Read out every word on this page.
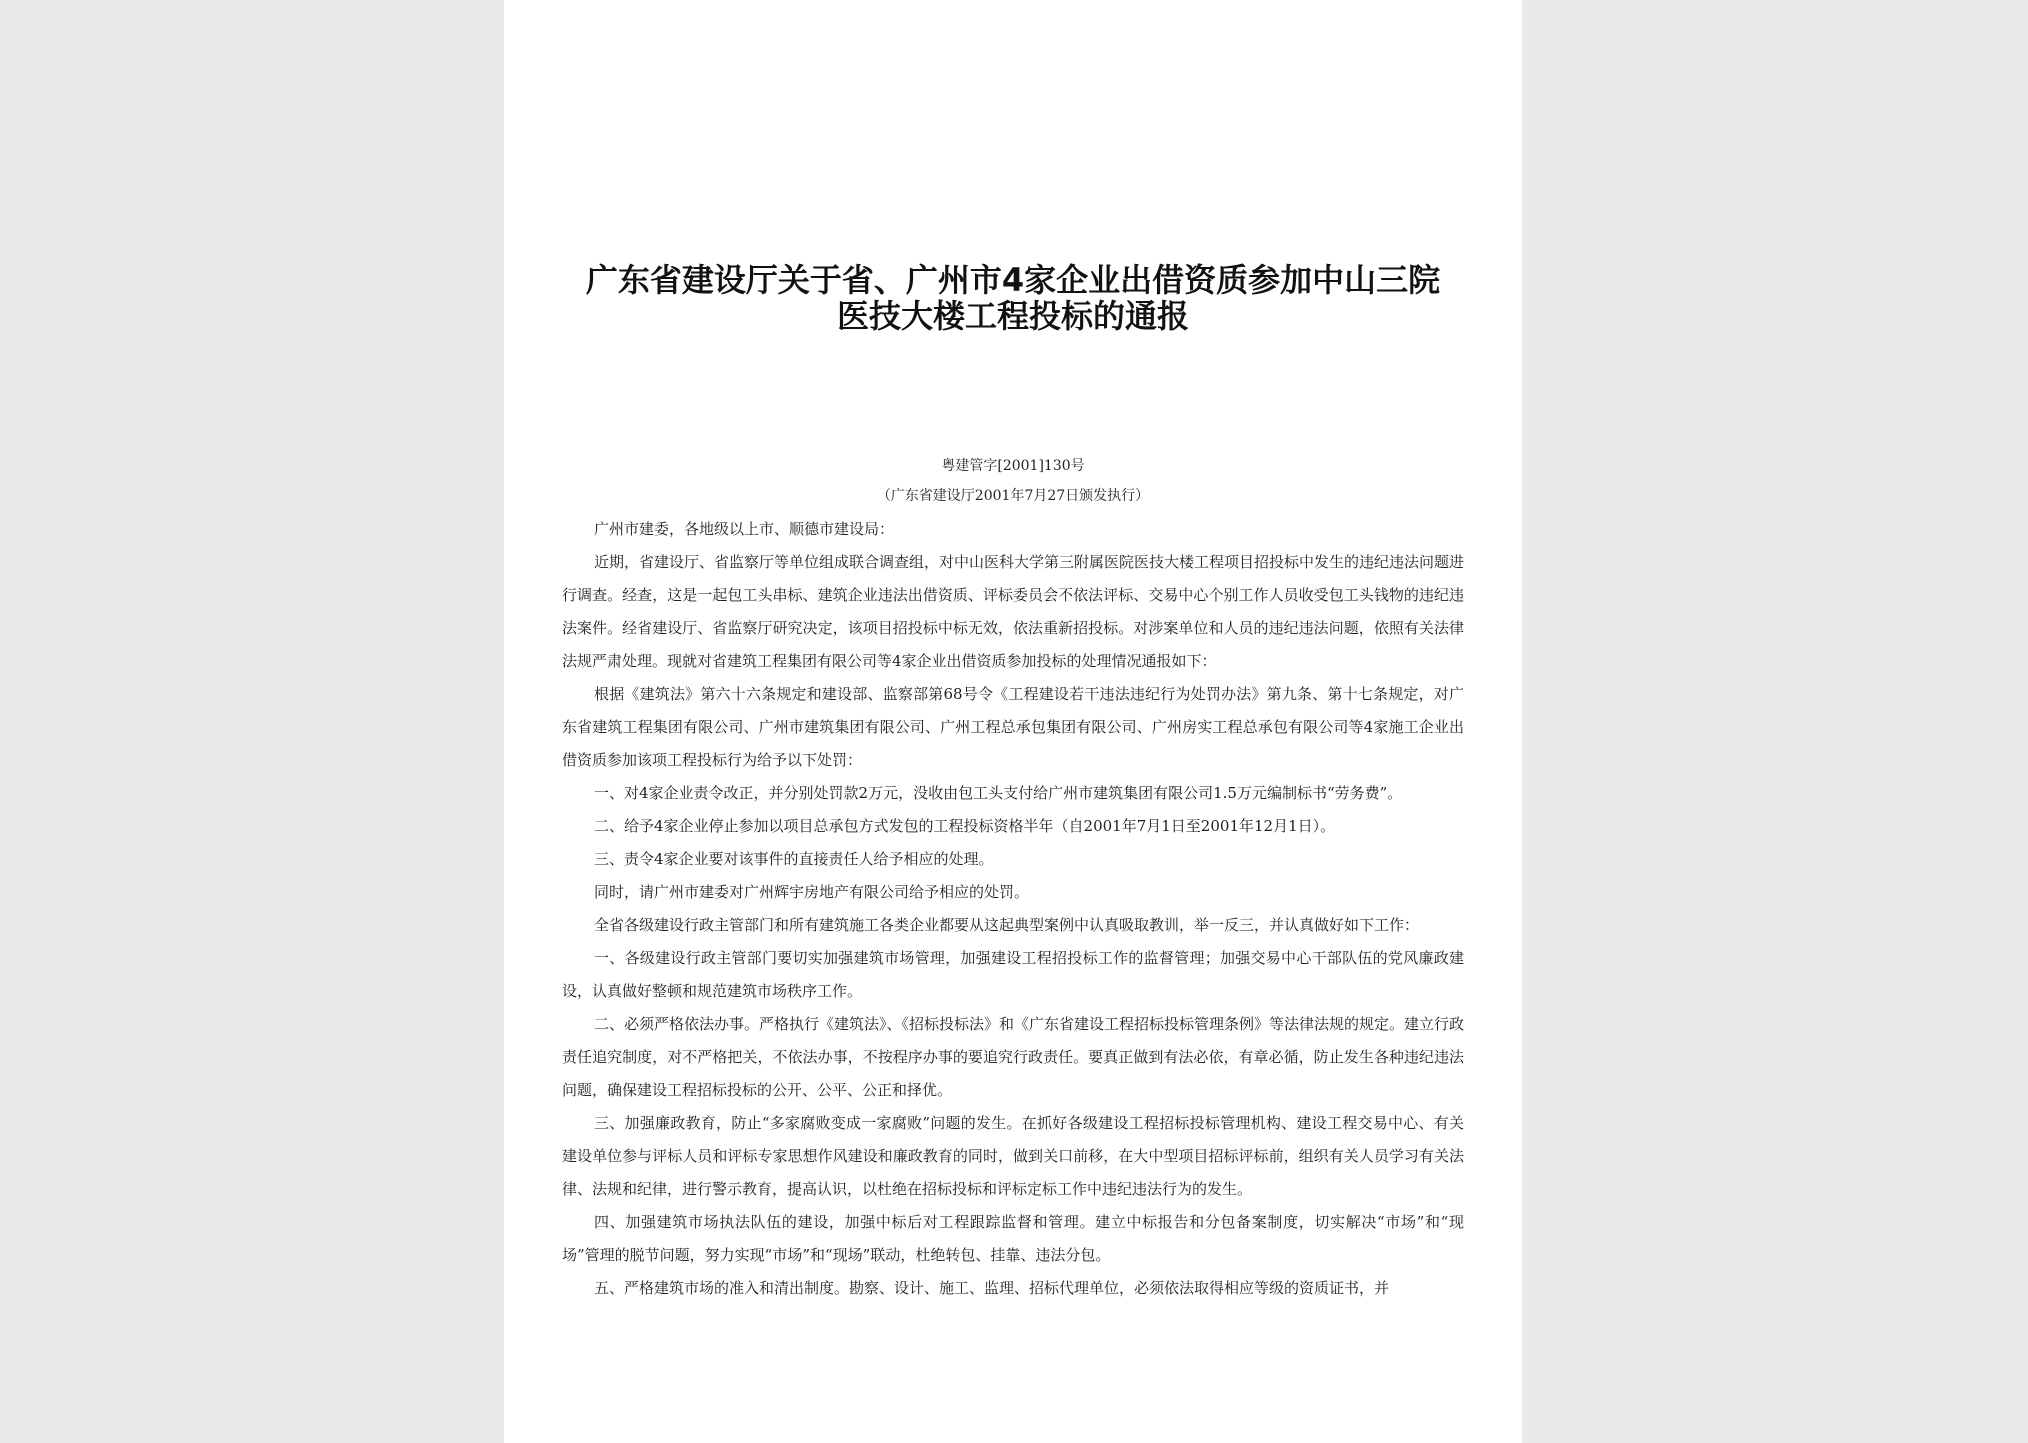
广东省建设厅关于省、广州市4家企业出借资质参加中山三院医技大楼工程投标的通报
粤建管字[2001]130号
（广东省建设厅2001年7月27日颁发执行）

广州市建委，各地级以上市、顺德市建设局：

近期，省建设厅、省监察厅等单位组成联合调查组，对中山医科大学第三附属医院医技大楼工程项目招投标中发生的违纪违法问题进行调查。经查，这是一起包工头串标、建筑企业违法出借资质、评标委员会不依法评标、交易中心个别工作人员收受包工头钱物的违纪违法案件。经省建设厅、省监察厅研究决定，该项目招投标中标无效，依法重新招投标。对涉案单位和人员的违纪违法问题，依照有关法律法规严肃处理。现就对省建筑工程集团有限公司等4家企业出借资质参加投标的处理情况通报如下：

根据《建筑法》第六十六条规定和建设部、监察部第68号令《工程建设若干违法违纪行为处罚办法》第九条、第十七条规定，对广东省建筑工程集团有限公司、广州市建筑集团有限公司、广州工程总承包集团有限公司、广州房实工程总承包有限公司等4家施工企业出借资质参加该项工程投标行为给予以下处罚：

一、对4家企业责令改正，并分别处罚款2万元，没收由包工头支付给广州市建筑集团有限公司1.5万元编制标书“劳务费”。

二、给予4家企业停止参加以项目总承包方式发包的工程投标资格半年（自2001年7月1日至2001年12月1日）。

三、责令4家企业要对该事件的直接责任人给予相应的处理。

同时，请广州市建委对广州辉宇房地产有限公司给予相应的处罚。

全省各级建设行政主管部门和所有建筑施工各类企业都要从这起典型案例中认真吸取教训，举一反三，并认真做好如下工作：

一、各级建设行政主管部门要切实加强建筑市场管理，加强建设工程招投标工作的监督管理；加强交易中心干部队伍的党风廉政建设，认真做好整顿和规范建筑市场秩序工作。

二、必须严格依法办事。严格执行《建筑法》、《招标投标法》和《广东省建设工程招标投标管理条例》等法律法规的规定。建立行政责任追究制度，对不严格把关，不依法办事，不按程序办事的要追究行政责任。要真正做到有法必依，有章必循，防止发生各种违纪违法问题，确保建设工程招标投标的公开、公平、公正和择优。

三、加强廉政教育，防止“多家腐败变成一家腐败”问题的发生。在抓好各级建设工程招标投标管理机构、建设工程交易中心、有关建设单位参与评标人员和评标专家思想作风建设和廉政教育的同时，做到关口前移，在大中型项目招标评标前，组织有关人员学习有关法律、法规和纪律，进行警示教育，提高认识，以杜绝在招标投标和评标定标工作中违纪违法行为的发生。

四、加强建筑市场执法队伍的建设，加强中标后对工程跟踪监督和管理。建立中标报告和分包备案制度，切实解决“市场”和“现场”管理的脱节问题，努力实现“市场”和“现场”联动，杜绝转包、挂靠、违法分包。

五、严格建筑市场的准入和清出制度。勘察、设计、施工、监理、招标代理单位，必须依法取得相应等级的资质证书，并
